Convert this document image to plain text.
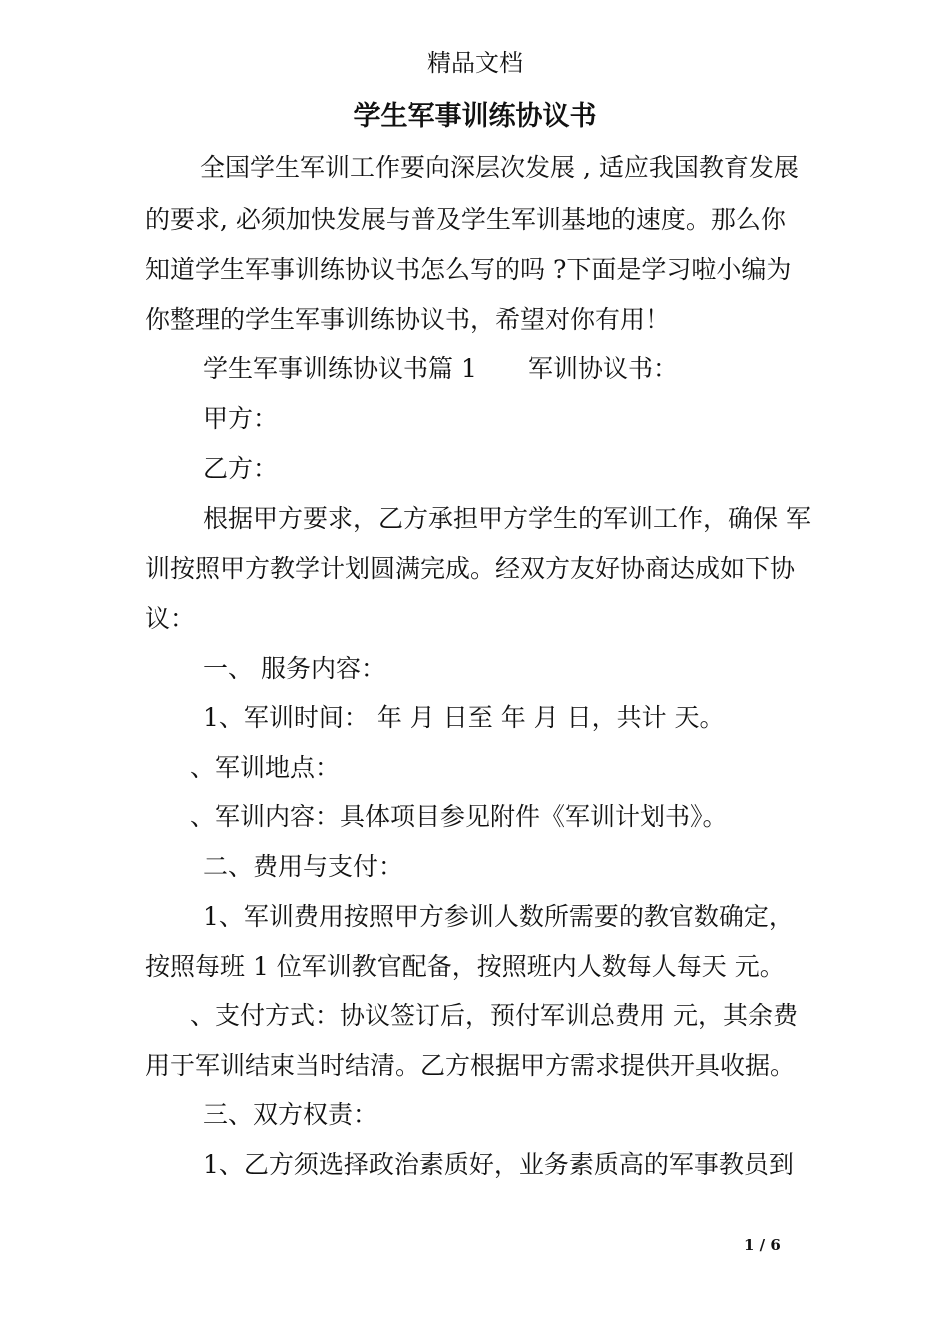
精品文档
学生军事训练协议书
全国学生军训工作要向深层次发展 , 适应我国教育发展
的要求, 必须加快发展与普及学生军训基地的速度。那么你
知道学生军事训练协议书怎么写的吗 ?下面是学习啦小编为
你整理的学生军事训练协议书，希望对你有用！
学生军事训练协议书篇 1 军训协议书：
甲方：
乙方：
根据甲方要求，乙方承担甲方学生的军训工作，确保 军
训按照甲方教学计划圆满完成。经双方友好协商达成如下协
议：
一、 服务内容：
1、军训时间： 年 月 日至 年 月 日，共计 天。
、军训地点：
、军训内容：具体项目参见附件《军训计划书》。
二、费用与支付：
1、军训费用按照甲方参训人数所需要的教官数确定，
按照每班 1 位军训教官配备，按照班内人数每人每天 元。
、支付方式：协议签订后，预付军训总费用 元，其余费
用于军训结束当时结清。乙方根据甲方需求提供开具收据。
三、双方权责：
1、乙方须选择政治素质好，业务素质高的军事教员到
1 / 6
